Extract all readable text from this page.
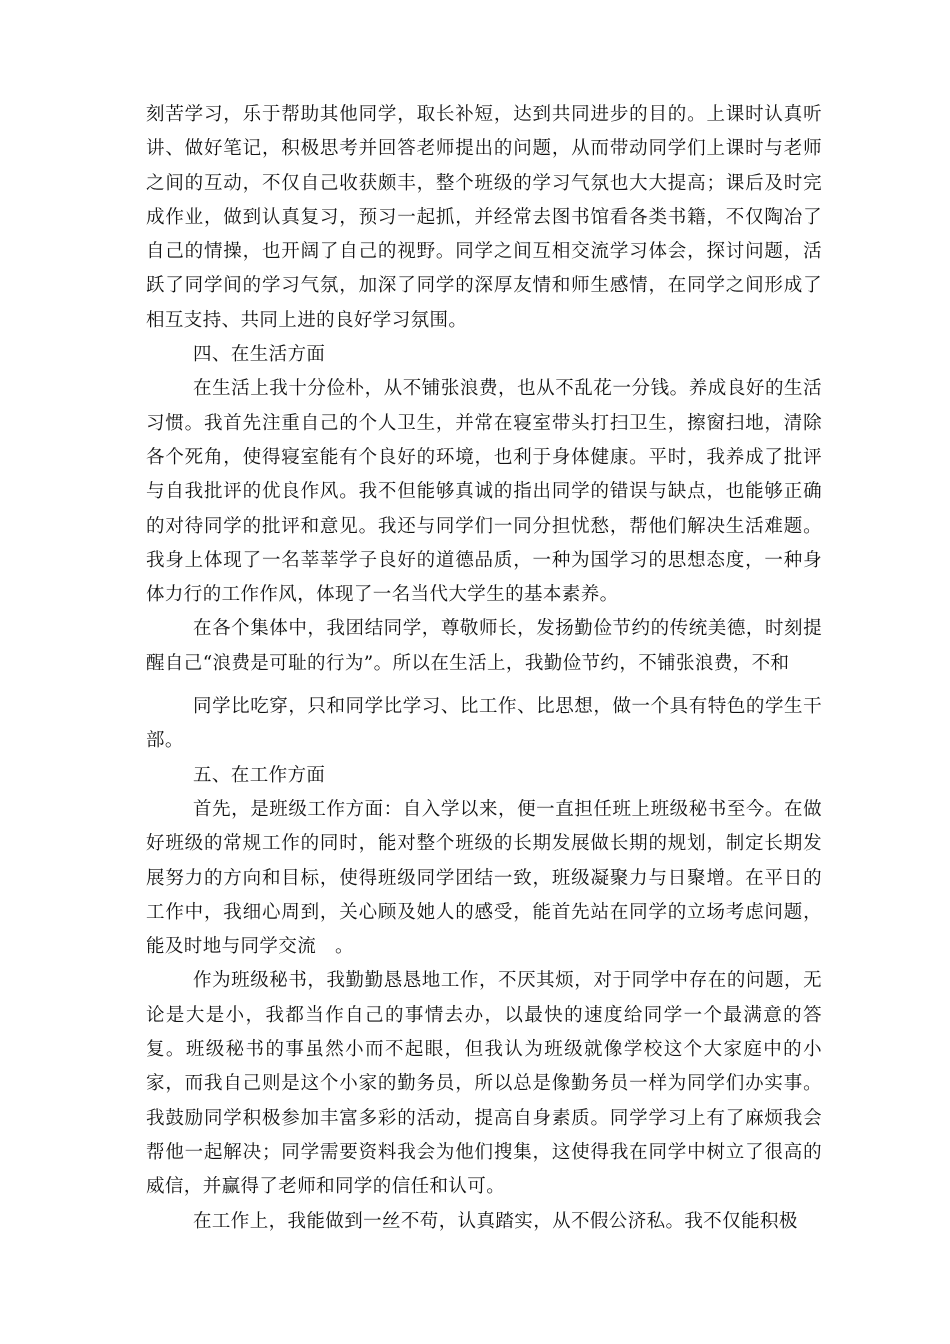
刻苦学习，乐于帮助其他同学，取长补短，达到共同进步的目的。上课时认真听讲、做好笔记，积极思考并回答老师提出的问题，从而带动同学们上课时与老师之间的互动，不仅自己收获颇丰，整个班级的学习气氛也大大提高；课后及时完成作业，做到认真复习，预习一起抓，并经常去图书馆看各类书籍，不仅陶冶了自己的情操，也开阔了自己的视野。同学之间互相交流学习体会，探讨问题，活跃了同学间的学习气氛，加深了同学的深厚友情和师生感情，在同学之间形成了相互支持、共同上进的良好学习氛围。

四、在生活方面

在生活上我十分俭朴，从不铺张浪费，也从不乱花一分钱。养成良好的生活习惯。我首先注重自己的个人卫生，并常在寝室带头打扫卫生，擦窗扫地，清除各个死角，使得寝室能有个良好的环境，也利于身体健康。平时，我养成了批评与自我批评的优良作风。我不但能够真诚的指出同学的错误与缺点，也能够正确的对待同学的批评和意见。我还与同学们一同分担忧愁，帮他们解决生活难题。我身上体现了一名莘莘学子良好的道德品质，一种为国学习的思想态度，一种身体力行的工作作风，体现了一名当代大学生的基本素养。

在各个集体中，我团结同学，尊敬师长，发扬勤俭节约的传统美德，时刻提醒自己“浪费是可耻的行为”。所以在生活上，我勤俭节约，不铺张浪费，不和

同学比吃穿，只和同学比学习、比工作、比思想，做一个具有特色的学生干部。

五、在工作方面

首先，是班级工作方面：自入学以来，便一直担任班上班级秘书至今。在做好班级的常规工作的同时，能对整个班级的长期发展做长期的规划，制定长期发展努力的方向和目标，使得班级同学团结一致，班级凝聚力与日聚增。在平日的工作中，我细心周到，关心顾及她人的感受，能首先站在同学的立场考虑问题，能及时地与同学交流　。

作为班级秘书，我勤勤恳恳地工作，不厌其烦，对于同学中存在的问题，无论是大是小，我都当作自己的事情去办，以最快的速度给同学一个最满意的答复。班级秘书的事虽然小而不起眼，但我认为班级就像学校这个大家庭中的小家，而我自己则是这个小家的勤务员，所以总是像勤务员一样为同学们办实事。我鼓励同学积极参加丰富多彩的活动，提高自身素质。同学学习上有了麻烦我会帮他一起解决；同学需要资料我会为他们搜集，这使得我在同学中树立了很高的威信，并赢得了老师和同学的信任和认可。

在工作上，我能做到一丝不苟，认真踏实，从不假公济私。我不仅能积极
